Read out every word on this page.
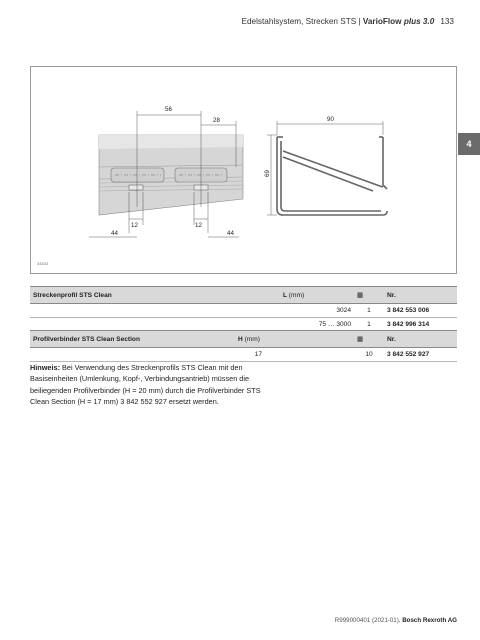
Edelstahlsystem, Strecken STS | VarioFlow plus 3.0 133
4
56
28
12	12
44	44
90
69
34833
Streckenprofil STS Clean	L (mm)	▦	Nr.
	3024	1	3 842 553 006
	75 … 3000	1	3 842 996 314
Profilverbinder STS Clean Section	H (mm)		▦	Nr.
	17		10	3 842 552 927
Hinweis: Bei Verwendung des Streckenprofils STS Clean mit den Basiseinheiten (Umlenkung, Kopf-, Verbindungsantrieb) müssen die beiliegenden Profilverbinder (H = 20 mm) durch die Profilverbinder STS Clean Section (H = 17 mm) 3 842 552 927 ersetzt werden.
R999000401 (2021-01), Bosch Rexroth AG
